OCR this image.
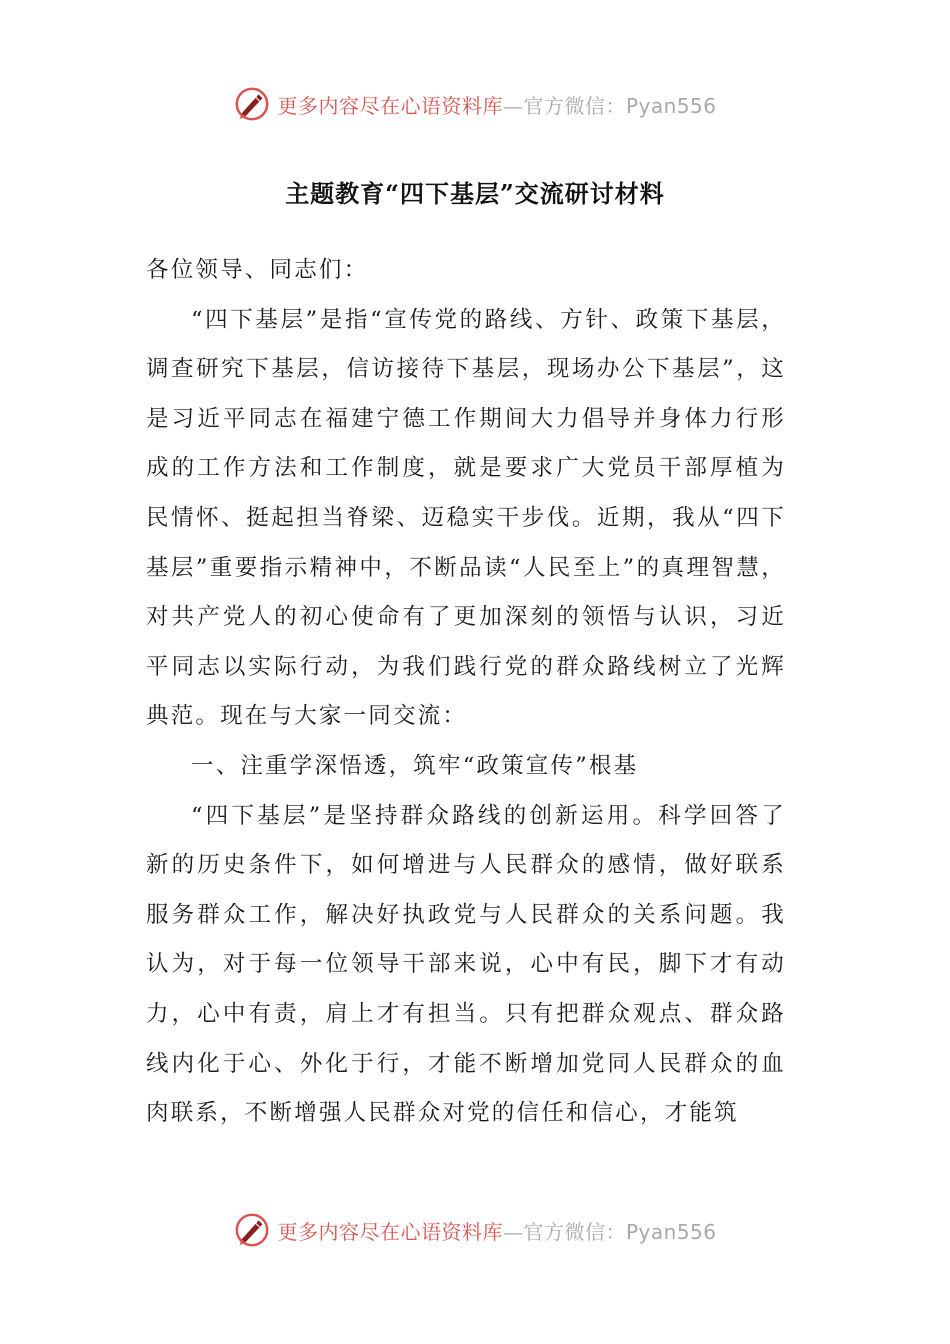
更多内容尽在心语资料库—官方微信：Pyan556
主题教育“四下基层”交流研讨材料

各位领导、同志们：

“四下基层”是指“宣传党的路线、方针、政策下基层，调查研究下基层，信访接待下基层，现场办公下基层”，这是习近平同志在福建宁德工作期间大力倡导并身体力行形成的工作方法和工作制度，就是要求广大党员干部厚植为民情怀、挺起担当脊梁、迈稳实干步伐。近期，我从“四下基层”重要指示精神中，不断品读“人民至上”的真理智慧，对共产党人的初心使命有了更加深刻的领悟与认识，习近平同志以实际行动，为我们践行党的群众路线树立了光辉典范。现在与大家一同交流：

一、注重学深悟透，筑牢“政策宣传”根基

“四下基层”是坚持群众路线的创新运用。科学回答了新的历史条件下，如何增进与人民群众的感情，做好联系服务群众工作，解决好执政党与人民群众的关系问题。我认为，对于每一位领导干部来说，心中有民，脚下才有动力，心中有责，肩上才有担当。只有把群众观点、群众路线内化于心、外化于行，才能不断增加党同人民群众的血肉联系，不断增强人民群众对党的信任和信心，才能筑

更多内容尽在心语资料库—官方微信：Pyan556
